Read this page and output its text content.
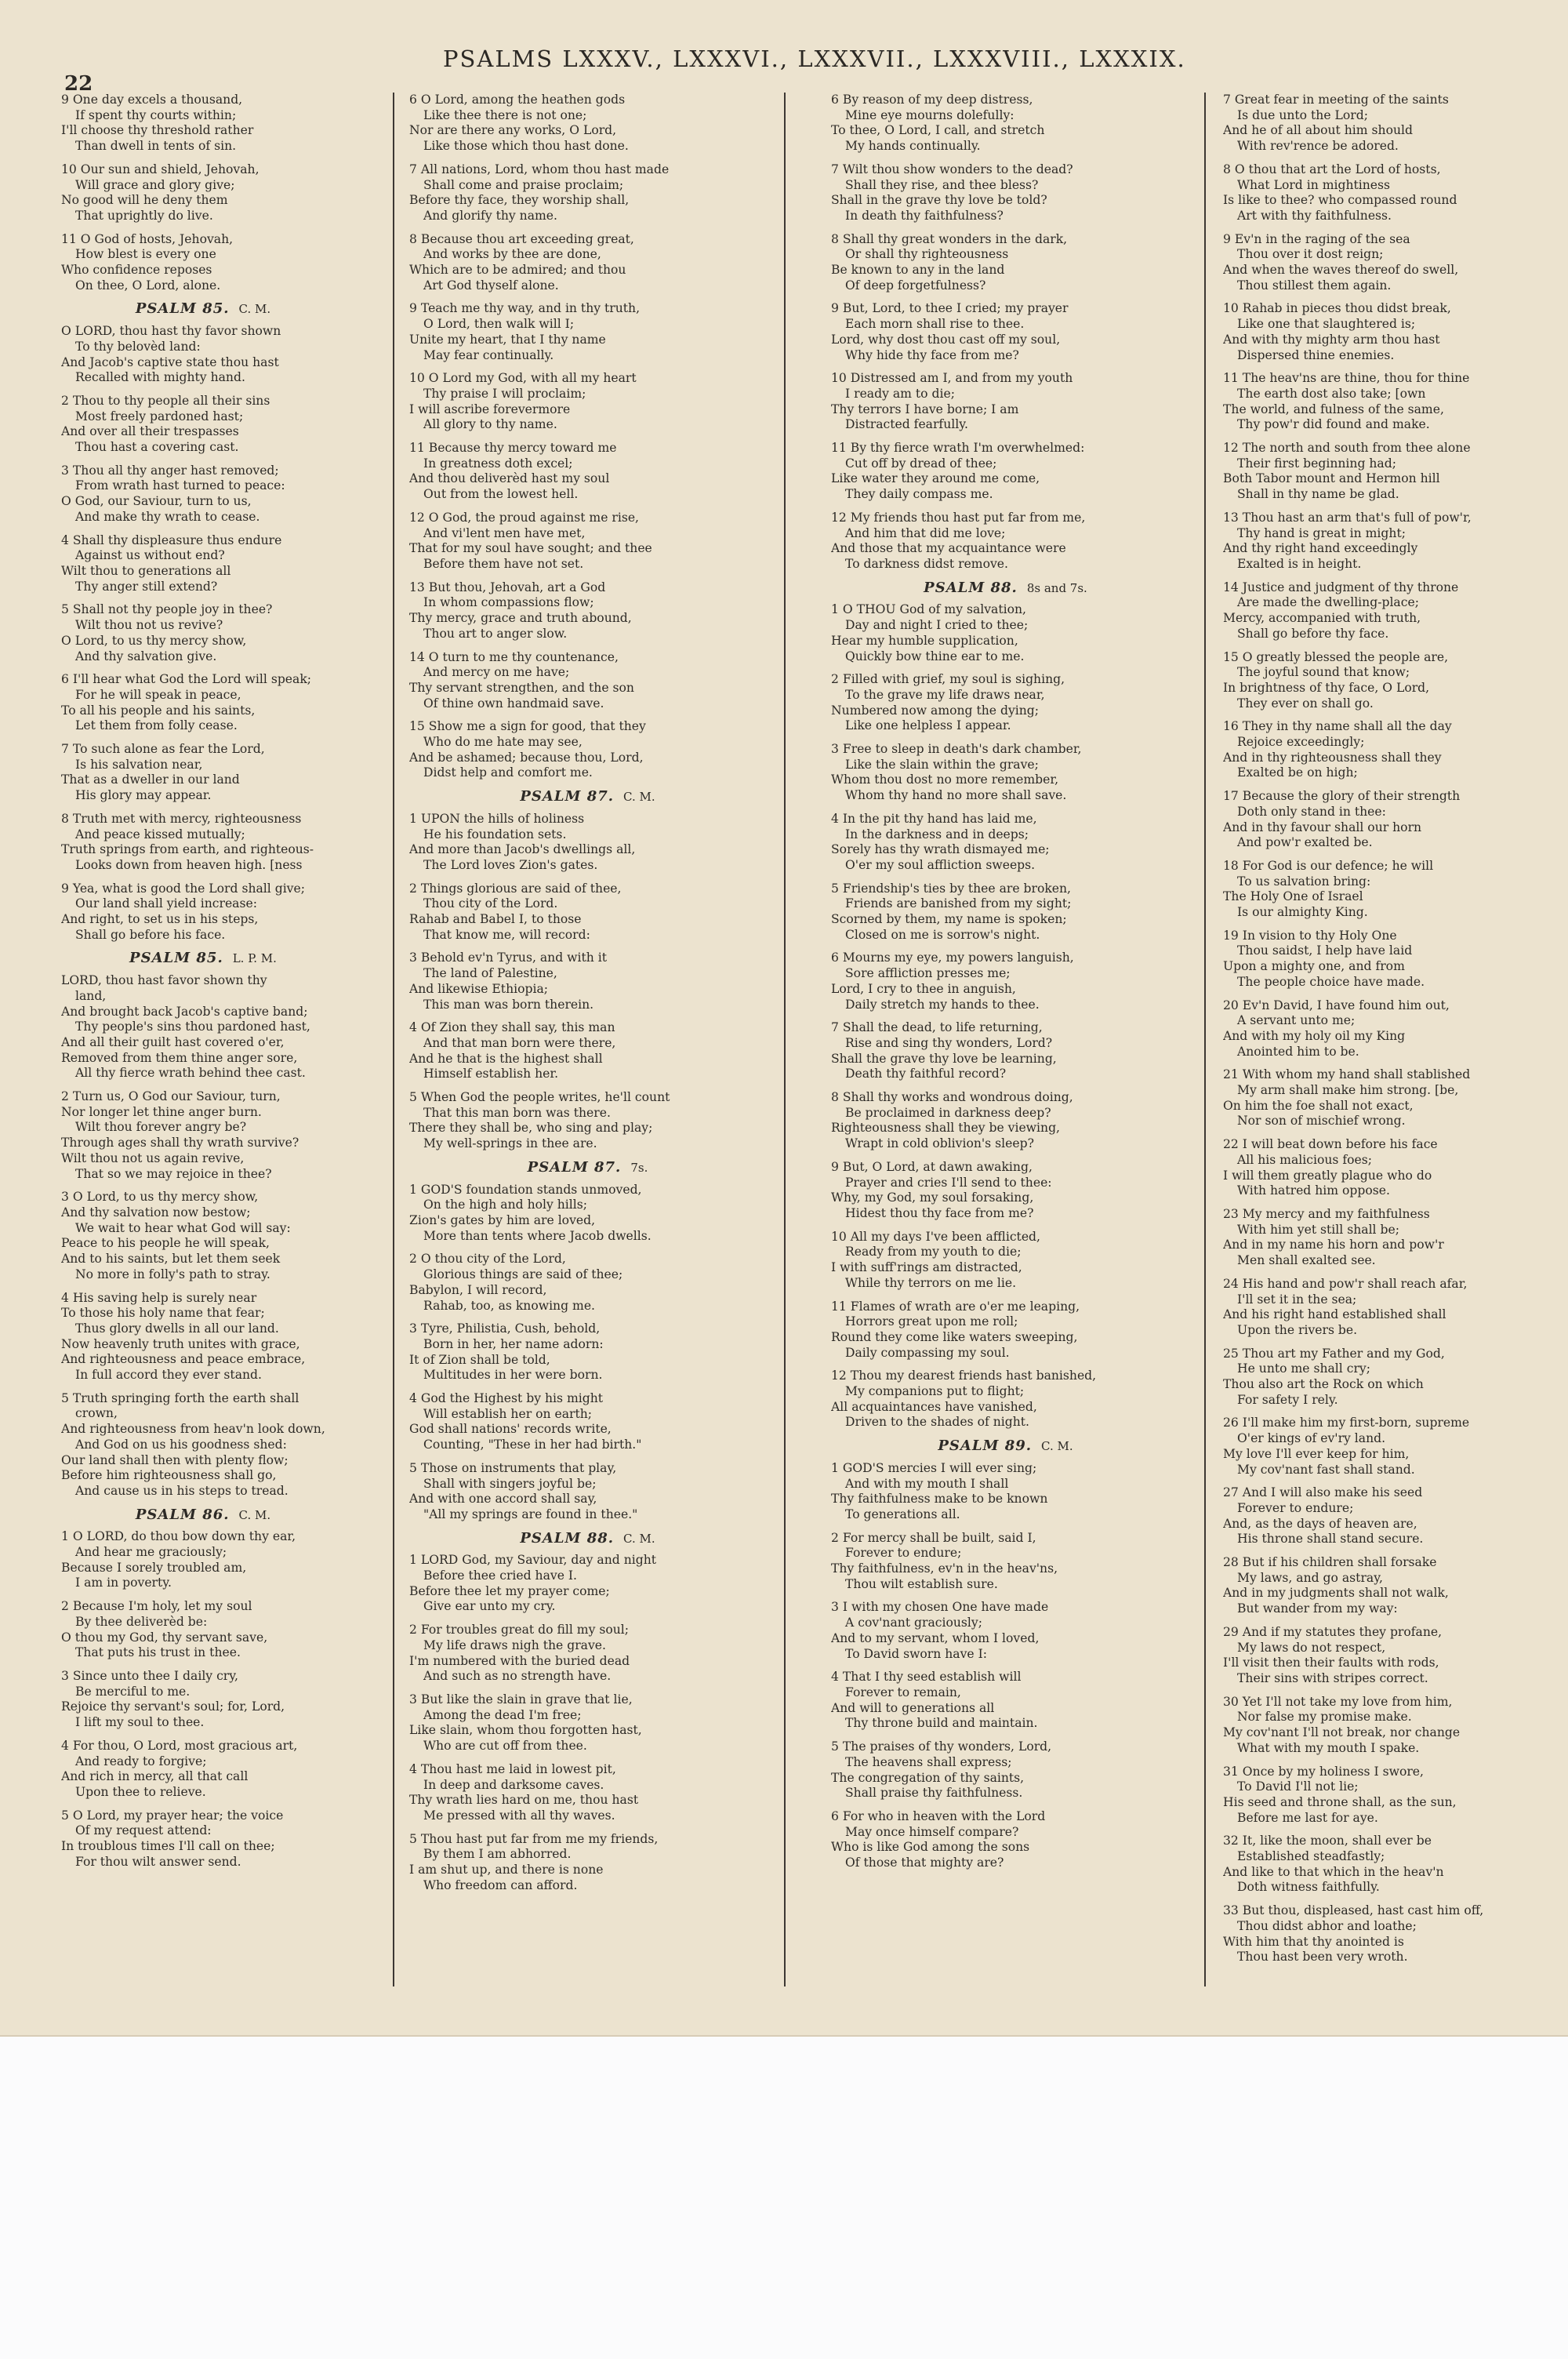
22
PSALMS LXXXV., LXXXVI., LXXXVII., LXXXVIII., LXXXIX.
9 One day excels a thousand,
If spent thy courts within;
I'll choose thy threshold rather
Than dwell in tents of sin.
10 Our sun and shield, Jehovah,
Will grace and glory give;
No good will he deny them
That uprightly do live.
11 O God of hosts, Jehovah,
How blest is every one
Who confidence reposes
On thee, O Lord, alone.
PSALM 85. C. M.
O LORD, thou hast thy favor shown
To thy belovèd land:
And Jacob's captive state thou hast
Recalled with mighty hand.
2 Thou to thy people all their sins
Most freely pardoned hast;
And over all their trespasses
Thou hast a covering cast.
3 Thou all thy anger hast removed;
From wrath hast turned to peace:
O God, our Saviour, turn to us,
And make thy wrath to cease.
4 Shall thy displeasure thus endure
Against us without end?
Wilt thou to generations all
Thy anger still extend?
5 Shall not thy people joy in thee?
Wilt thou not us revive?
O Lord, to us thy mercy show,
And thy salvation give.
6 I'll hear what God the Lord will speak;
For he will speak in peace,
To all his people and his saints,
Let them from folly cease.
7 To such alone as fear the Lord,
Is his salvation near,
That as a dweller in our land
His glory may appear.
8 Truth met with mercy, righteousness
And peace kissed mutually;
Truth springs from earth, and righteous-
Looks down from heaven high. [ness
9 Yea, what is good the Lord shall give;
Our land shall yield increase:
And right, to set us in his steps,
Shall go before his face.
PSALM 85. L. P. M.
LORD, thou hast favor shown thy
land,
And brought back Jacob's captive band;
Thy people's sins thou pardoned hast,
And all their guilt hast covered o'er,
Removed from them thine anger sore,
All thy fierce wrath behind thee cast.
2 Turn us, O God our Saviour, turn,
Nor longer let thine anger burn.
Wilt thou forever angry be?
Through ages shall thy wrath survive?
Wilt thou not us again revive,
That so we may rejoice in thee?
3 O Lord, to us thy mercy show,
And thy salvation now bestow;
We wait to hear what God will say:
Peace to his people he will speak,
And to his saints, but let them seek
No more in folly's path to stray.
4 His saving help is surely near
To those his holy name that fear;
Thus glory dwells in all our land.
Now heavenly truth unites with grace,
And righteousness and peace embrace,
In full accord they ever stand.
5 Truth springing forth the earth shall
crown,
And righteousness from heav'n look down,
And God on us his goodness shed:
Our land shall then with plenty flow;
Before him righteousness shall go,
And cause us in his steps to tread.
PSALM 86. C. M.
1 O LORD, do thou bow down thy ear,
And hear me graciously;
Because I sorely troubled am,
I am in poverty.
2 Because I'm holy, let my soul
By thee deliverèd be:
O thou my God, thy servant save,
That puts his trust in thee.
3 Since unto thee I daily cry,
Be merciful to me.
Rejoice thy servant's soul; for, Lord,
I lift my soul to thee.
4 For thou, O Lord, most gracious art,
And ready to forgive;
And rich in mercy, all that call
Upon thee to relieve.
5 O Lord, my prayer hear; the voice
Of my request attend:
In troublous times I'll call on thee;
For thou wilt answer send.
6 O Lord, among the heathen gods
Like thee there is not one;
Nor are there any works, O Lord,
Like those which thou hast done.
7 All nations, Lord, whom thou hast made
Shall come and praise proclaim;
Before thy face, they worship shall,
And glorify thy name.
8 Because thou art exceeding great,
And works by thee are done,
Which are to be admired; and thou
Art God thyself alone.
9 Teach me thy way, and in thy truth,
O Lord, then walk will I;
Unite my heart, that I thy name
May fear continually.
10 O Lord my God, with all my heart
Thy praise I will proclaim;
I will ascribe forevermore
All glory to thy name.
11 Because thy mercy toward me
In greatness doth excel;
And thou deliverèd hast my soul
Out from the lowest hell.
12 O God, the proud against me rise,
And vi'lent men have met,
That for my soul have sought; and thee
Before them have not set.
13 But thou, Jehovah, art a God
In whom compassions flow;
Thy mercy, grace and truth abound,
Thou art to anger slow.
14 O turn to me thy countenance,
And mercy on me have;
Thy servant strengthen, and the son
Of thine own handmaid save.
15 Show me a sign for good, that they
Who do me hate may see,
And be ashamed; because thou, Lord,
Didst help and comfort me.
PSALM 87. C. M.
1 UPON the hills of holiness
He his foundation sets.
And more than Jacob's dwellings all,
The Lord loves Zion's gates.
2 Things glorious are said of thee,
Thou city of the Lord.
Rahab and Babel I, to those
That know me, will record:
3 Behold ev'n Tyrus, and with it
The land of Palestine,
And likewise Ethiopia;
This man was born therein.
4 Of Zion they shall say, this man
And that man born were there,
And he that is the highest shall
Himself establish her.
5 When God the people writes, he'll count
That this man born was there.
There they shall be, who sing and play;
My well-springs in thee are.
PSALM 87. 7s.
1 GOD'S foundation stands unmoved,
On the high and holy hills;
Zion's gates by him are loved,
More than tents where Jacob dwells.
2 O thou city of the Lord,
Glorious things are said of thee;
Babylon, I will record,
Rahab, too, as knowing me.
3 Tyre, Philistia, Cush, behold,
Born in her, her name adorn:
It of Zion shall be told,
Multitudes in her were born.
4 God the Highest by his might
Will establish her on earth;
God shall nations' records write,
Counting, "These in her had birth."
5 Those on instruments that play,
Shall with singers joyful be;
And with one accord shall say,
"All my springs are found in thee."
PSALM 88. C. M.
1 LORD God, my Saviour, day and night
Before thee cried have I.
Before thee let my prayer come;
Give ear unto my cry.
2 For troubles great do fill my soul;
My life draws nigh the grave.
I'm numbered with the buried dead
And such as no strength have.
3 But like the slain in grave that lie,
Among the dead I'm free;
Like slain, whom thou forgotten hast,
Who are cut off from thee.
4 Thou hast me laid in lowest pit,
In deep and darksome caves.
Thy wrath lies hard on me, thou hast
Me pressed with all thy waves.
5 Thou hast put far from me my friends,
By them I am abhorred.
I am shut up, and there is none
Who freedom can afford.
6 By reason of my deep distress,
Mine eye mourns dolefully:
To thee, O Lord, I call, and stretch
My hands continually.
7 Wilt thou show wonders to the dead?
Shall they rise, and thee bless?
Shall in the grave thy love be told?
In death thy faithfulness?
8 Shall thy great wonders in the dark,
Or shall thy righteousness
Be known to any in the land
Of deep forgetfulness?
9 But, Lord, to thee I cried; my prayer
Each morn shall rise to thee.
Lord, why dost thou cast off my soul,
Why hide thy face from me?
10 Distressed am I, and from my youth
I ready am to die;
Thy terrors I have borne; I am
Distracted fearfully.
11 By thy fierce wrath I'm overwhelmed:
Cut off by dread of thee;
Like water they around me come,
They daily compass me.
12 My friends thou hast put far from me,
And him that did me love;
And those that my acquaintance were
To darkness didst remove.
PSALM 88. 8s and 7s.
1 O THOU God of my salvation,
Day and night I cried to thee;
Hear my humble supplication,
Quickly bow thine ear to me.
2 Filled with grief, my soul is sighing,
To the grave my life draws near,
Numbered now among the dying;
Like one helpless I appear.
3 Free to sleep in death's dark chamber,
Like the slain within the grave;
Whom thou dost no more remember,
Whom thy hand no more shall save.
4 In the pit thy hand has laid me,
In the darkness and in deeps;
Sorely has thy wrath dismayed me;
O'er my soul affliction sweeps.
5 Friendship's ties by thee are broken,
Friends are banished from my sight;
Scorned by them, my name is spoken;
Closed on me is sorrow's night.
6 Mourns my eye, my powers languish,
Sore affliction presses me;
Lord, I cry to thee in anguish,
Daily stretch my hands to thee.
7 Shall the dead, to life returning,
Rise and sing thy wonders, Lord?
Shall the grave thy love be learning,
Death thy faithful record?
8 Shall thy works and wondrous doing,
Be proclaimed in darkness deep?
Righteousness shall they be viewing,
Wrapt in cold oblivion's sleep?
9 But, O Lord, at dawn awaking,
Prayer and cries I'll send to thee:
Why, my God, my soul forsaking,
Hidest thou thy face from me?
10 All my days I've been afflicted,
Ready from my youth to die;
I with suff'rings am distracted,
While thy terrors on me lie.
11 Flames of wrath are o'er me leaping,
Horrors great upon me roll;
Round they come like waters sweeping,
Daily compassing my soul.
12 Thou my dearest friends hast banished,
My companions put to flight;
All acquaintances have vanished,
Driven to the shades of night.
PSALM 89. C. M.
1 GOD'S mercies I will ever sing;
And with my mouth I shall
Thy faithfulness make to be known
To generations all.
2 For mercy shall be built, said I,
Forever to endure;
Thy faithfulness, ev'n in the heav'ns,
Thou wilt establish sure.
3 I with my chosen One have made
A cov'nant graciously;
And to my servant, whom I loved,
To David sworn have I:
4 That I thy seed establish will
Forever to remain,
And will to generations all
Thy throne build and maintain.
5 The praises of thy wonders, Lord,
The heavens shall express;
The congregation of thy saints,
Shall praise thy faithfulness.
6 For who in heaven with the Lord
May once himself compare?
Who is like God among the sons
Of those that mighty are?
7 Great fear in meeting of the saints
Is due unto the Lord;
And he of all about him should
With rev'rence be adored.
8 O thou that art the Lord of hosts,
What Lord in mightiness
Is like to thee? who compassed round
Art with thy faithfulness.
9 Ev'n in the raging of the sea
Thou over it dost reign;
And when the waves thereof do swell,
Thou stillest them again.
10 Rahab in pieces thou didst break,
Like one that slaughtered is;
And with thy mighty arm thou hast
Dispersed thine enemies.
11 The heav'ns are thine, thou for thine
The earth dost also take; [own
The world, and fulness of the same,
Thy pow'r did found and make.
12 The north and south from thee alone
Their first beginning had;
Both Tabor mount and Hermon hill
Shall in thy name be glad.
13 Thou hast an arm that's full of pow'r,
Thy hand is great in might;
And thy right hand exceedingly
Exalted is in height.
14 Justice and judgment of thy throne
Are made the dwelling-place;
Mercy, accompanied with truth,
Shall go before thy face.
15 O greatly blessed the people are,
The joyful sound that know;
In brightness of thy face, O Lord,
They ever on shall go.
16 They in thy name shall all the day
Rejoice exceedingly;
And in thy righteousness shall they
Exalted be on high;
17 Because the glory of their strength
Doth only stand in thee:
And in thy favour shall our horn
And pow'r exalted be.
18 For God is our defence; he will
To us salvation bring:
The Holy One of Israel
Is our almighty King.
19 In vision to thy Holy One
Thou saidst, I help have laid
Upon a mighty one, and from
The people choice have made.
20 Ev'n David, I have found him out,
A servant unto me;
And with my holy oil my King
Anointed him to be.
21 With whom my hand shall stablished
My arm shall make him strong. [be,
On him the foe shall not exact,
Nor son of mischief wrong.
22 I will beat down before his face
All his malicious foes;
I will them greatly plague who do
With hatred him oppose.
23 My mercy and my faithfulness
With him yet still shall be;
And in my name his horn and pow'r
Men shall exalted see.
24 His hand and pow'r shall reach afar,
I'll set it in the sea;
And his right hand established shall
Upon the rivers be.
25 Thou art my Father and my God,
He unto me shall cry;
Thou also art the Rock on which
For safety I rely.
26 I'll make him my first-born, supreme
O'er kings of ev'ry land.
My love I'll ever keep for him,
My cov'nant fast shall stand.
27 And I will also make his seed
Forever to endure;
And, as the days of heaven are,
His throne shall stand secure.
28 But if his children shall forsake
My laws, and go astray,
And in my judgments shall not walk,
But wander from my way:
29 And if my statutes they profane,
My laws do not respect,
I'll visit then their faults with rods,
Their sins with stripes correct.
30 Yet I'll not take my love from him,
Nor false my promise make.
My cov'nant I'll not break, nor change
What with my mouth I spake.
31 Once by my holiness I swore,
To David I'll not lie;
His seed and throne shall, as the sun,
Before me last for aye.
32 It, like the moon, shall ever be
Established steadfastly;
And like to that which in the heav'n
Doth witness faithfully.
33 But thou, displeased, hast cast him off,
Thou didst abhor and loathe;
With him that thy anointed is
Thou hast been very wroth.
